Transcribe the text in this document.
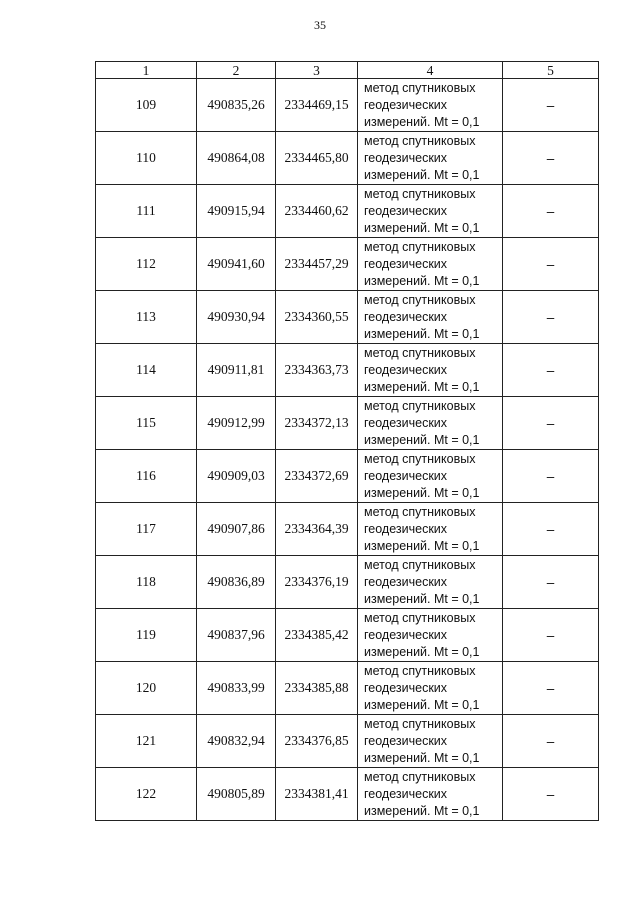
35
1	2	3	4	5
109	490835,26	2334469,15	метод спутниковых
геодезических
измерений. Mt = 0,1	–
110	490864,08	2334465,80	метод спутниковых
геодезических
измерений. Mt = 0,1	–
111	490915,94	2334460,62	метод спутниковых
геодезических
измерений. Mt = 0,1	–
112	490941,60	2334457,29	метод спутниковых
геодезических
измерений. Mt = 0,1	–
113	490930,94	2334360,55	метод спутниковых
геодезических
измерений. Mt = 0,1	–
114	490911,81	2334363,73	метод спутниковых
геодезических
измерений. Mt = 0,1	–
115	490912,99	2334372,13	метод спутниковых
геодезических
измерений. Mt = 0,1	–
116	490909,03	2334372,69	метод спутниковых
геодезических
измерений. Mt = 0,1	–
117	490907,86	2334364,39	метод спутниковых
геодезических
измерений. Mt = 0,1	–
118	490836,89	2334376,19	метод спутниковых
геодезических
измерений. Mt = 0,1	–
119	490837,96	2334385,42	метод спутниковых
геодезических
измерений. Mt = 0,1	–
120	490833,99	2334385,88	метод спутниковых
геодезических
измерений. Mt = 0,1	–
121	490832,94	2334376,85	метод спутниковых
геодезических
измерений. Mt = 0,1	–
122	490805,89	2334381,41	метод спутниковых
геодезических
измерений. Mt = 0,1	–
